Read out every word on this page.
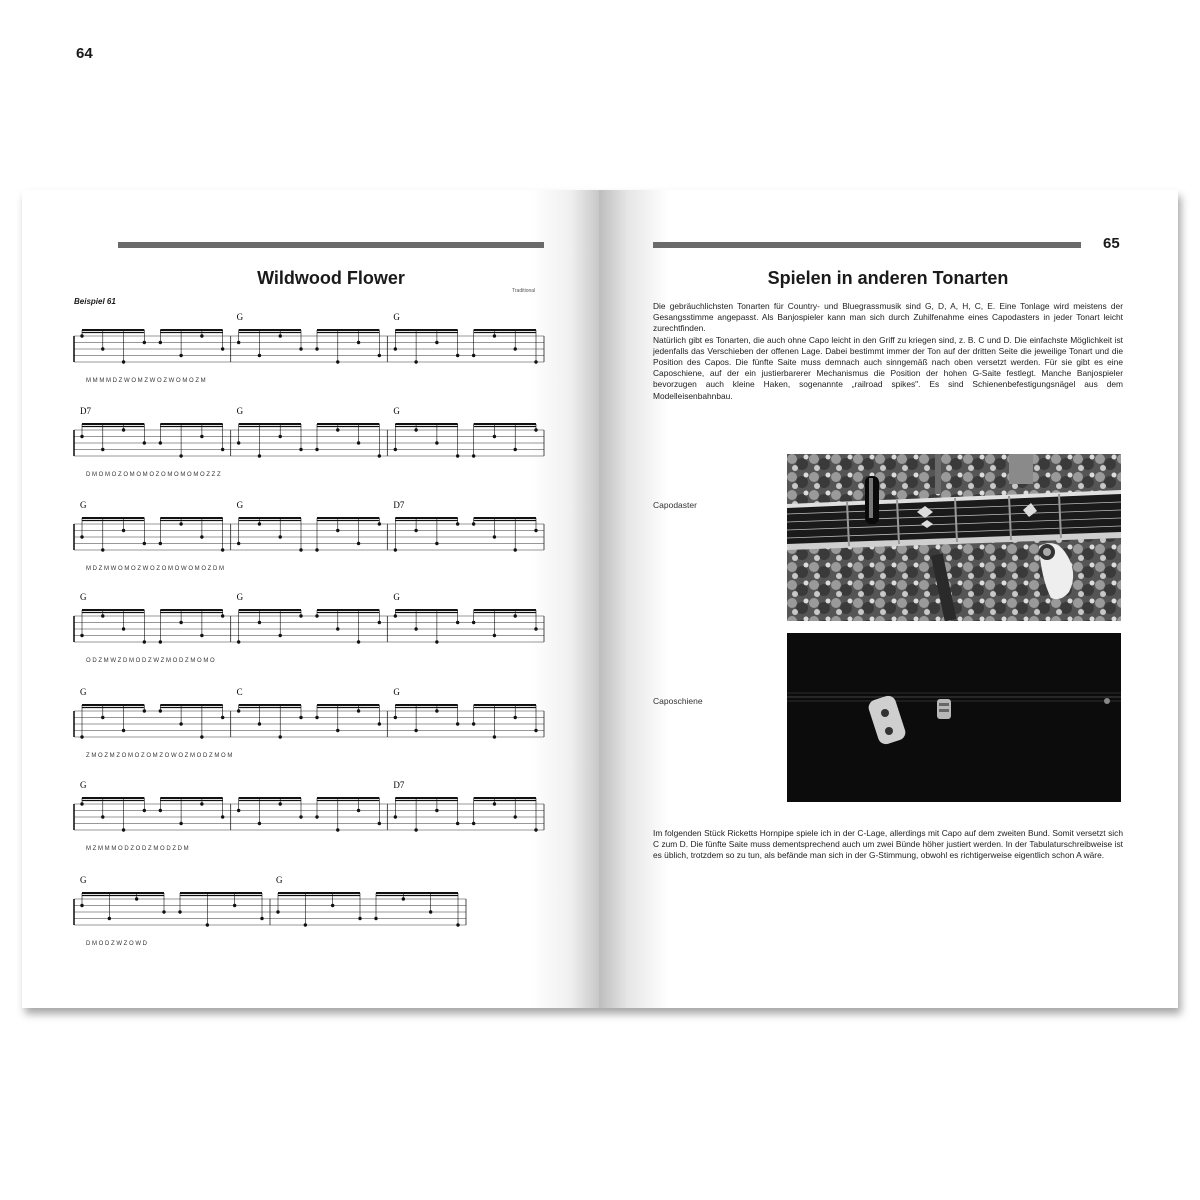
64
Wildwood Flower
Traditional
Beispiel 61
G	G
M M M M D Z W O M Z W O Z W O M O Z M
D7	G	G
D M O M O Z O M O M O Z O M O M O M O Z Z Z
G	G	D7
M D Z M W O M O Z W O Z O M O W O M O Z D M
G	G	G
O D Z M W Z D M O D Z W Z M O D Z M O M O
G	C	G
Z M O Z M Z O M O Z O M Z O W O Z M O D Z M O M
G	D7
M Z M M M O D Z O D Z M O D Z D M
G	G
D M O D Z W Z O W D
65
Spielen in anderen Tonarten

Die gebräuchlichsten Tonarten für Country- und Bluegrassmusik sind G, D, A, H, C, E. Eine Tonlage wird meistens der Gesangsstimme angepasst. Als Banjospieler kann man sich durch Zuhilfenahme eines Capodasters in jeder Tonart leicht zurechtfinden.

Natürlich gibt es Tonarten, die auch ohne Capo leicht in den Griff zu kriegen sind, z. B. C und D. Die einfachste Möglichkeit ist jedenfalls das Verschieben der offenen Lage. Dabei bestimmt immer der Ton auf der dritten Seite die jeweilige Tonart und die Position des Capos. Die fünfte Saite muss demnach auch sinngemäß nach oben versetzt werden. Für sie gibt es eine Caposchiene, auf der ein justierbarerer Mechanismus die Position der hohen G-Saite festlegt. Manche Banjospieler bevorzugen auch kleine Haken, sogenannte „railroad spikes". Es sind Schienenbefestigungsnägel aus dem Modelleisenbahnbau.

Capodaster
Caposchiene

Im folgenden Stück Ricketts Hornpipe spiele ich in der C-Lage, allerdings mit Capo auf dem zweiten Bund. Somit versetzt sich C zum D. Die fünfte Saite muss dementsprechend auch um zwei Bünde höher justiert werden. In der Tabulaturschreibweise ist es üblich, trotzdem so zu tun, als befände man sich in der G-Stimmung, obwohl es richtigerweise eigentlich schon A wäre.
